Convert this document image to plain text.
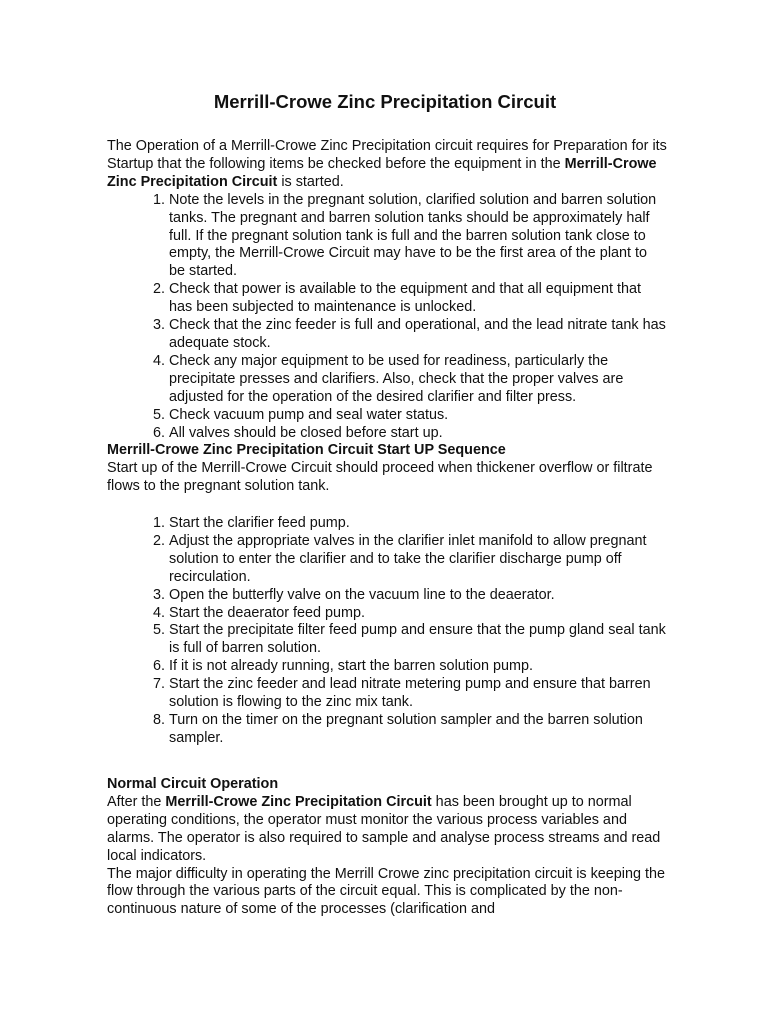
Merrill-Crowe Zinc Precipitation Circuit

The Operation of a Merrill-Crowe Zinc Precipitation circuit requires for Preparation for its Startup that the following items be checked before the equipment in the Merrill-Crowe Zinc Precipitation Circuit is started.

1. Note the levels in the pregnant solution, clarified solution and barren solution tanks. The pregnant and barren solution tanks should be approximately half full. If the pregnant solution tank is full and the barren solution tank close to empty, the Merrill-Crowe Circuit may have to be the first area of the plant to be started.
2. Check that power is available to the equipment and that all equipment that has been subjected to maintenance is unlocked.
3. Check that the zinc feeder is full and operational, and the lead nitrate tank has adequate stock.
4. Check any major equipment to be used for readiness, particularly the precipitate presses and clarifiers. Also, check that the proper valves are adjusted for the operation of the desired clarifier and filter press.
5. Check vacuum pump and seal water status.
6. All valves should be closed before start up.

Merrill-Crowe Zinc Precipitation Circuit Start UP Sequence

Start up of the Merrill-Crowe Circuit should proceed when thickener overflow or filtrate flows to the pregnant solution tank.

1. Start the clarifier feed pump.
2. Adjust the appropriate valves in the clarifier inlet manifold to allow pregnant solution to enter the clarifier and to take the clarifier discharge pump off recirculation.
3. Open the butterfly valve on the vacuum line to the deaerator.
4. Start the deaerator feed pump.
5. Start the precipitate filter feed pump and ensure that the pump gland seal tank is full of barren solution.
6. If it is not already running, start the barren solution pump.
7. Start the zinc feeder and lead nitrate metering pump and ensure that barren solution is flowing to the zinc mix tank.
8. Turn on the timer on the pregnant solution sampler and the barren solution sampler.

Normal Circuit Operation

After the Merrill-Crowe Zinc Precipitation Circuit has been brought up to normal operating conditions, the operator must monitor the various process variables and alarms. The operator is also required to sample and analyse process streams and read local indicators.

The major difficulty in operating the Merrill Crowe zinc precipitation circuit is keeping the flow through the various parts of the circuit equal. This is complicated by the non-continuous nature of some of the processes (clarification and
